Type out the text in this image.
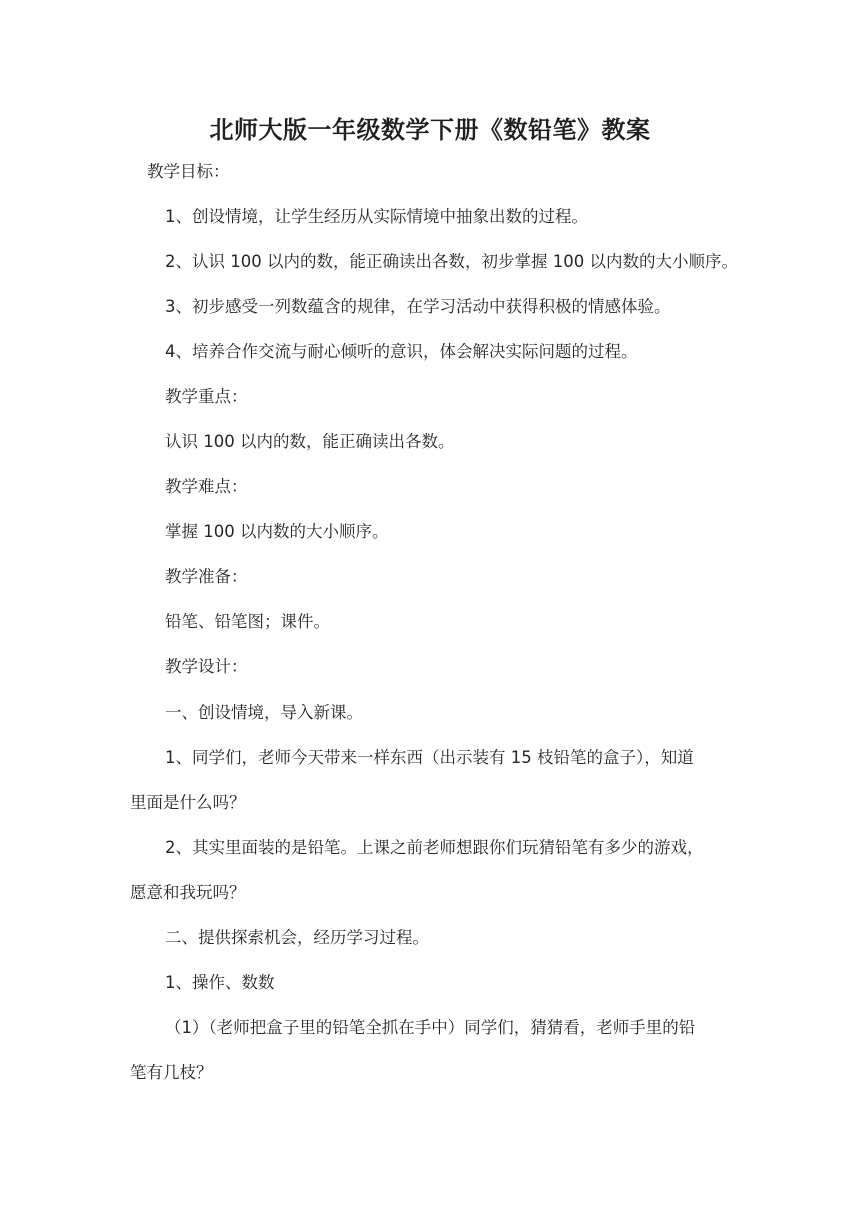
北师大版一年级数学下册《数铅笔》教案
教学目标：
1、创设情境，让学生经历从实际情境中抽象出数的过程。
2、认识 100 以内的数，能正确读出各数，初步掌握 100 以内数的大小顺序。
3、初步感受一列数蕴含的规律，在学习活动中获得积极的情感体验。
4、培养合作交流与耐心倾听的意识，体会解决实际问题的过程。
教学重点：
认识 100 以内的数，能正确读出各数。
教学难点：
掌握 100 以内数的大小顺序。
教学准备：
铅笔、铅笔图；课件。
教学设计：
一、创设情境，导入新课。
1、同学们，老师今天带来一样东西（出示装有 15 枝铅笔的盒子），知道
里面是什么吗？
2、其实里面装的是铅笔。上课之前老师想跟你们玩猜铅笔有多少的游戏，
愿意和我玩吗？
二、提供探索机会，经历学习过程。
1、操作、数数
（1）（老师把盒子里的铅笔全抓在手中）同学们，猜猜看，老师手里的铅
笔有几枝？
